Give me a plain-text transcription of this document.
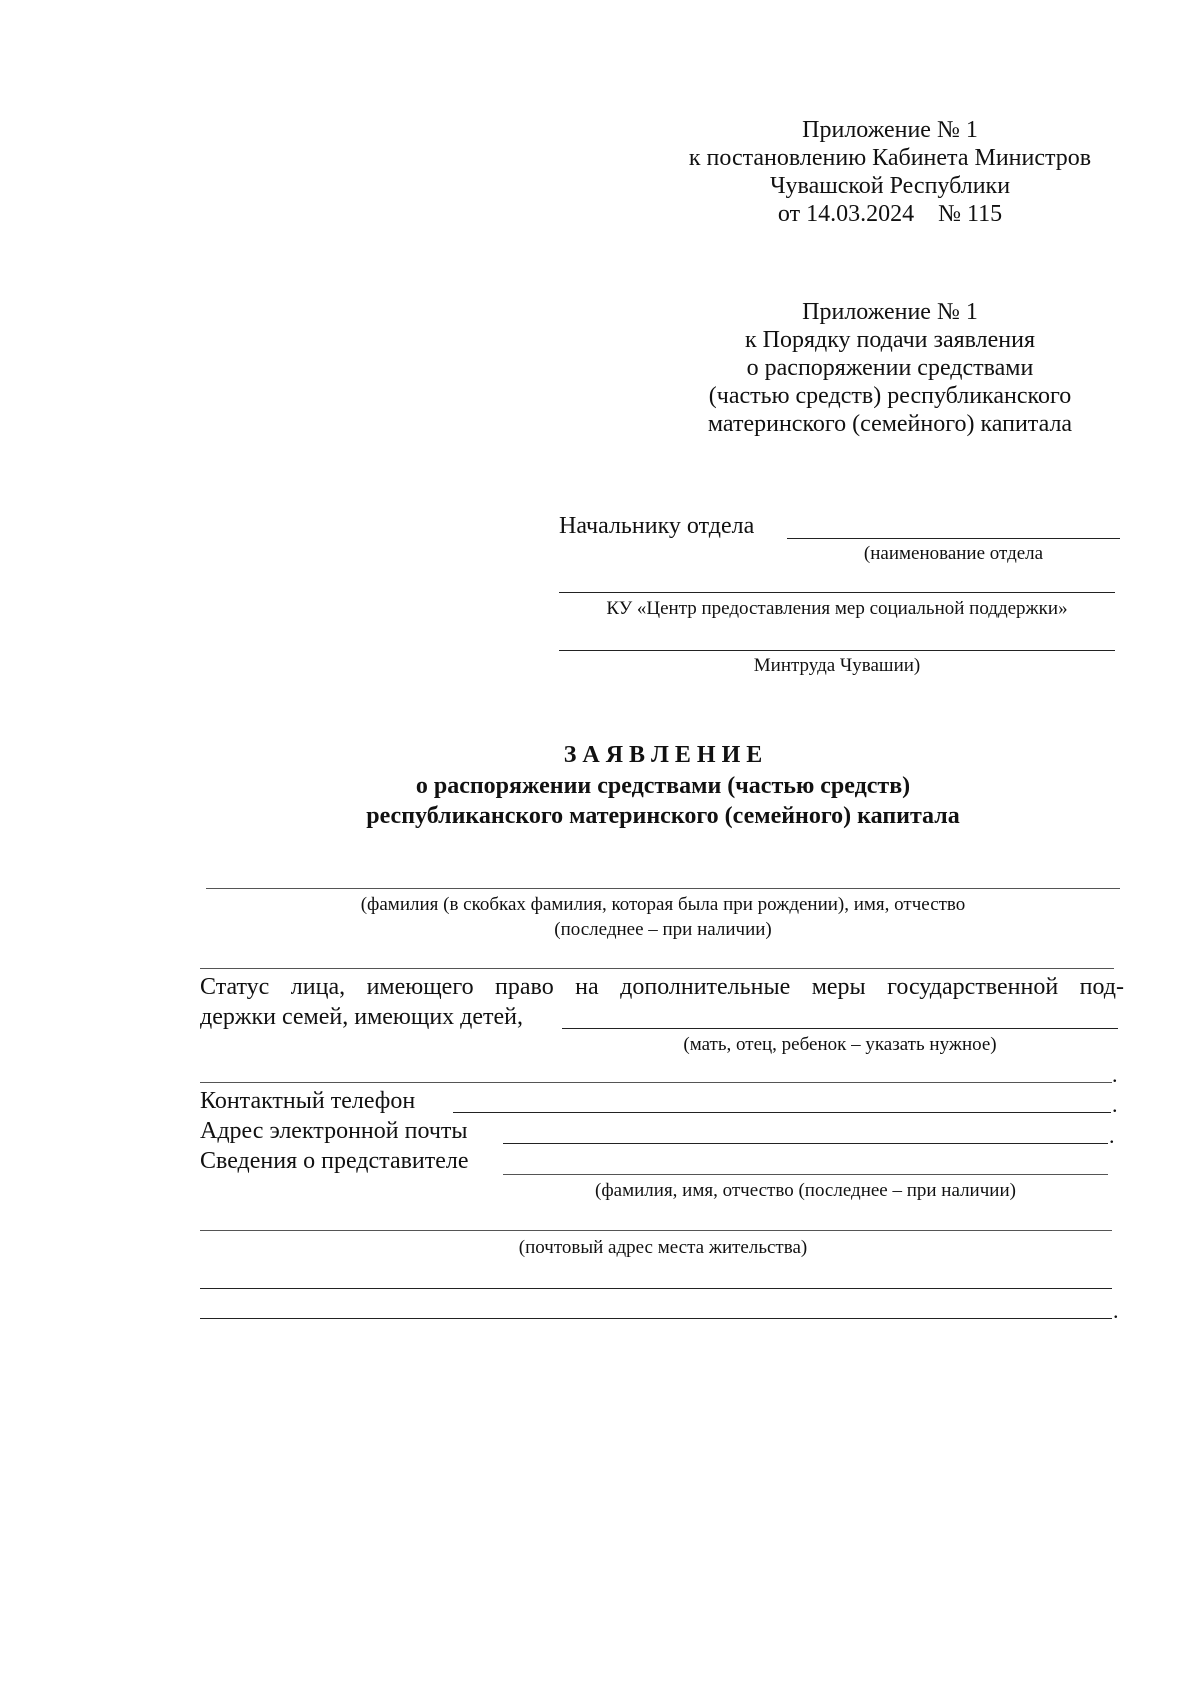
Приложение № 1
к постановлению Кабинета Министров
Чувашской Республики
от 14.03.2024    № 115
Приложение № 1
к Порядку подачи заявления
о распоряжении средствами
(частью средств) республиканского
материнского (семейного) капитала
Начальнику отдела
(наименование отдела
КУ «Центр предоставления мер социальной поддержки»
Минтруда Чувашии)
З А Я В Л Е Н И Е
о распоряжении средствами (частью средств)
республиканского материнского (семейного) капитала
(фамилия (в скобках фамилия, которая была при рождении), имя, отчество
(последнее – при наличии)
Статус лица, имеющего право на дополнительные меры государственной под-
держки семей, имеющих детей,
(мать, отец, ребенок – указать нужное)
.
Контактный телефон	.
Адрес электронной почты	.
Сведения о представителе
(фамилия, имя, отчество (последнее – при наличии)
(почтовый адрес места жительства)
.
